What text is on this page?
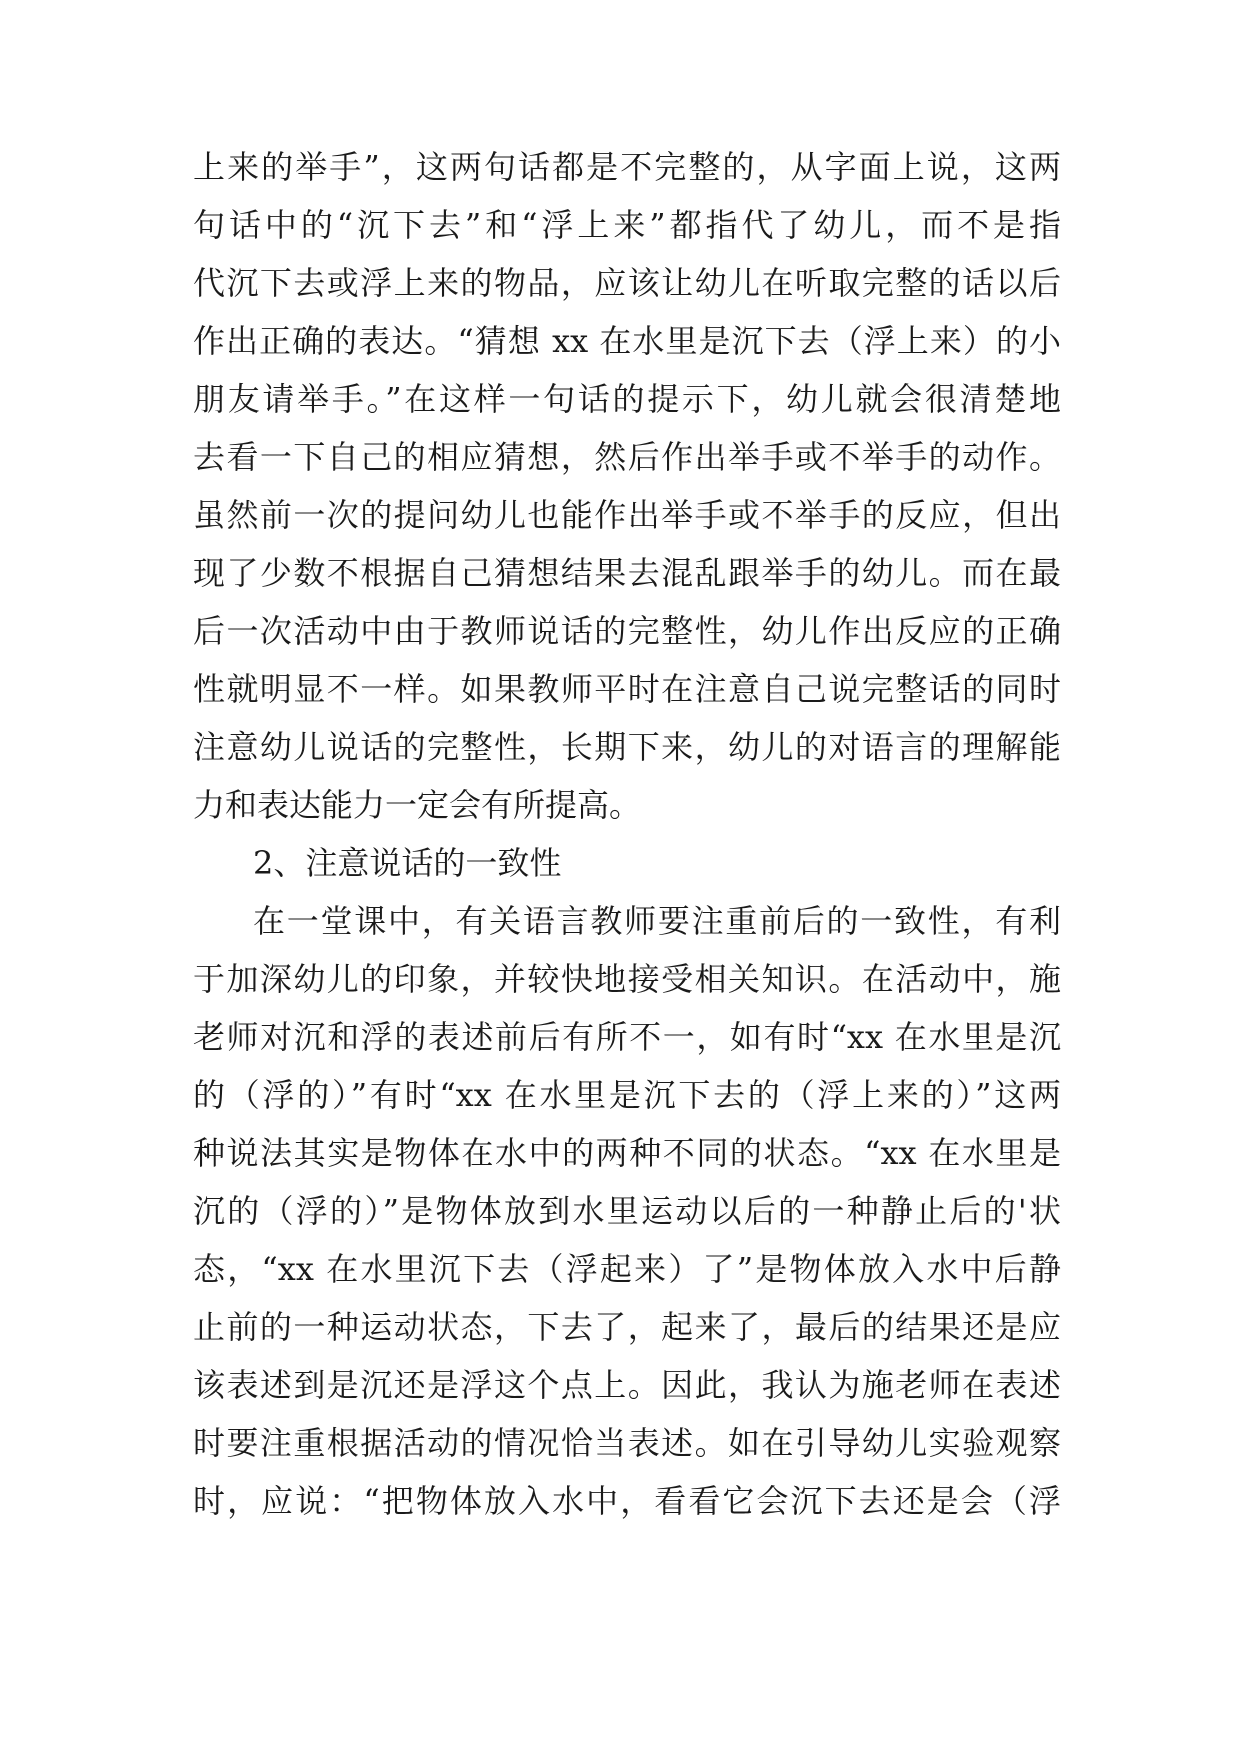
上来的举手”，这两句话都是不完整的，从字面上说，这两
句话中的“沉下去”和“浮上来”都指代了幼儿，而不是指
代沉下去或浮上来的物品，应该让幼儿在听取完整的话以后
作出正确的表达。“猜想 xx 在水里是沉下去（浮上来）的小
朋友请举手。”在这样一句话的提示下，幼儿就会很清楚地
去看一下自己的相应猜想，然后作出举手或不举手的动作。
虽然前一次的提问幼儿也能作出举手或不举手的反应，但出
现了少数不根据自己猜想结果去混乱跟举手的幼儿。而在最
后一次活动中由于教师说话的完整性，幼儿作出反应的正确
性就明显不一样。如果教师平时在注意自己说完整话的同时
注意幼儿说话的完整性，长期下来，幼儿的对语言的理解能
力和表达能力一定会有所提高。
2、注意说话的一致性
在一堂课中，有关语言教师要注重前后的一致性，有利
于加深幼儿的印象，并较快地接受相关知识。在活动中，施
老师对沉和浮的表述前后有所不一，如有时“xx 在水里是沉
的（浮的）”有时“xx 在水里是沉下去的（浮上来的）”这两
种说法其实是物体在水中的两种不同的状态。“xx 在水里是
沉的（浮的）”是物体放到水里运动以后的一种静止后的'状
态，“xx 在水里沉下去（浮起来）了”是物体放入水中后静
止前的一种运动状态，下去了，起来了，最后的结果还是应
该表述到是沉还是浮这个点上。因此，我认为施老师在表述
时要注重根据活动的情况恰当表述。如在引导幼儿实验观察
时，应说：“把物体放入水中，看看它会沉下去还是会（浮
